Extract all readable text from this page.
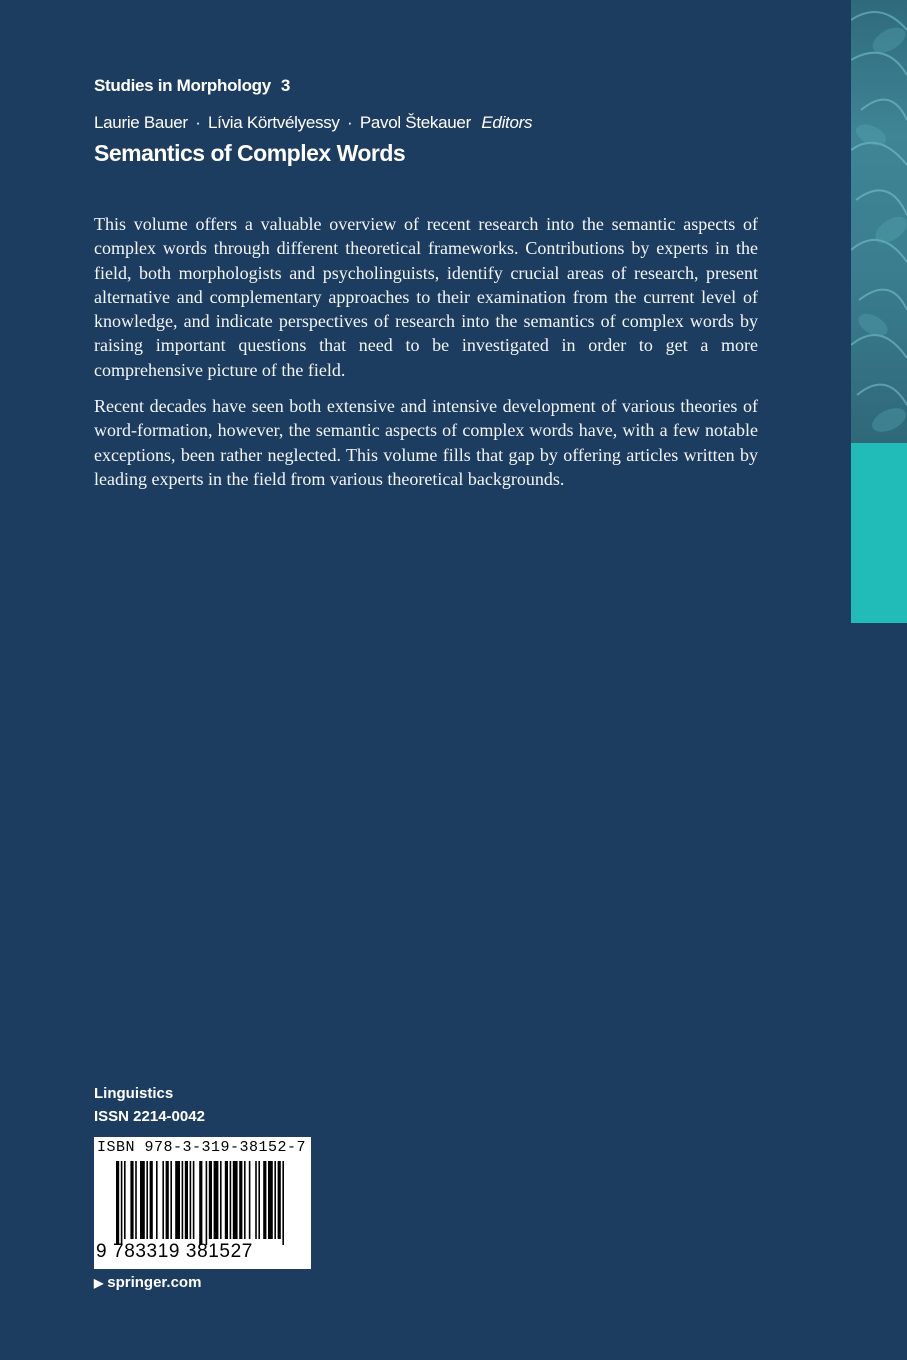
Studies in Morphology 3
Laurie Bauer · Lívia Körtvélyessy · Pavol Štekauer Editors
Semantics of Complex Words

This volume offers a valuable overview of recent research into the semantic aspects of complex words through different theoretical frameworks. Contributions by experts in the field, both morphologists and psycholinguists, identify crucial areas of research, present alternative and complementary approaches to their examination from the current level of knowledge, and indicate perspectives of research into the semantics of complex words by raising important questions that need to be investigated in order to get a more comprehensive picture of the field.

Recent decades have seen both extensive and intensive development of various theories of word-formation, however, the semantic aspects of complex words have, with a few notable exceptions, been rather neglected. This volume fills that gap by offering articles written by leading experts in the field from various theoretical backgrounds.

Linguistics
ISSN 2214-0042
ISBN 978-3-319-38152-7
9 783319 381527
▶ springer.com
